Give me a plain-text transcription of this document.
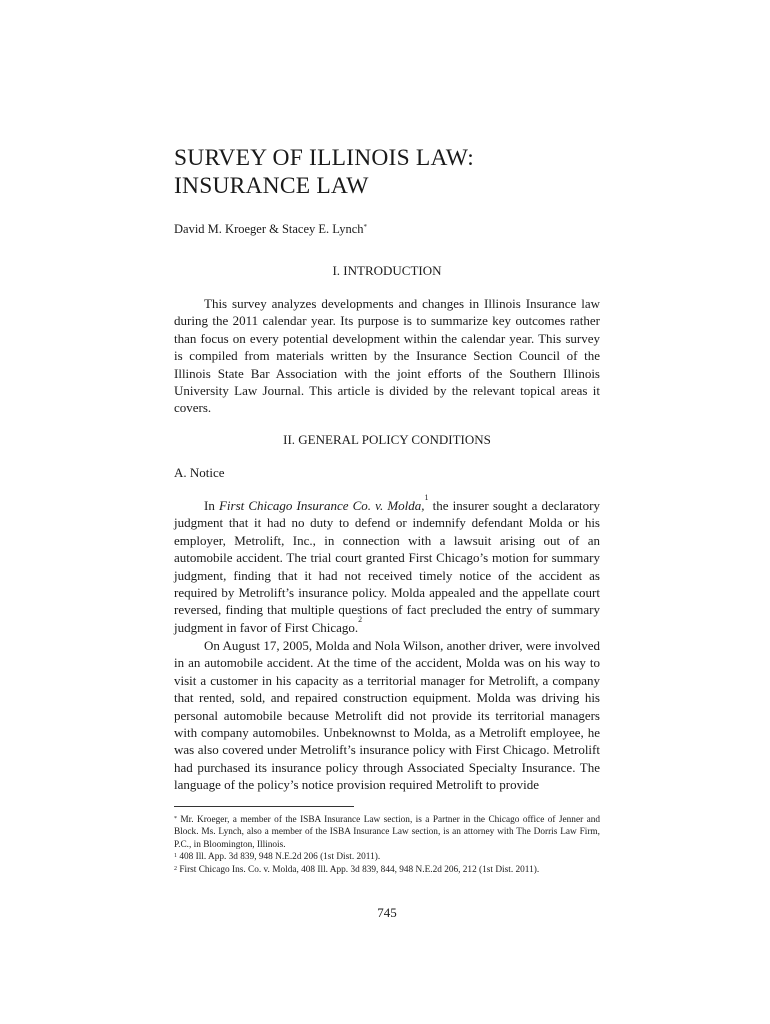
SURVEY OF ILLINOIS LAW: INSURANCE LAW
David M. Kroeger & Stacey E. Lynch*
I. INTRODUCTION

This survey analyzes developments and changes in Illinois Insurance law during the 2011 calendar year. Its purpose is to summarize key outcomes rather than focus on every potential development within the calendar year. This survey is compiled from materials written by the Insurance Section Council of the Illinois State Bar Association with the joint efforts of the Southern Illinois University Law Journal. This article is divided by the relevant topical areas it covers.

II. GENERAL POLICY CONDITIONS
A. Notice

In First Chicago Insurance Co. v. Molda,$^1$ the insurer sought a declaratory judgment that it had no duty to defend or indemnify defendant Molda or his employer, Metrolift, Inc., in connection with a lawsuit arising out of an automobile accident. The trial court granted First Chicago’s motion for summary judgment, finding that it had not received timely notice of the accident as required by Metrolift’s insurance policy. Molda appealed and the appellate court reversed, finding that multiple questions of fact precluded the entry of summary judgment in favor of First Chicago.$^2$

On August 17, 2005, Molda and Nola Wilson, another driver, were involved in an automobile accident. At the time of the accident, Molda was on his way to visit a customer in his capacity as a territorial manager for Metrolift, a company that rented, sold, and repaired construction equipment. Molda was driving his personal automobile because Metrolift did not provide its territorial managers with company automobiles. Unbeknownst to Molda, as a Metrolift employee, he was also covered under Metrolift’s insurance policy with First Chicago. Metrolift had purchased its insurance policy through Associated Specialty Insurance. The language of the policy’s notice provision required Metrolift to provide

* Mr. Kroeger, a member of the ISBA Insurance Law section, is a Partner in the Chicago office of Jenner and Block. Ms. Lynch, also a member of the ISBA Insurance Law section, is an attorney with The Dorris Law Firm, P.C., in Bloomington, Illinois.

$^1$ 408 Ill. App. 3d 839, 948 N.E.2d 206 (1st Dist. 2011).

$^2$ First Chicago Ins. Co. v. Molda, 408 Ill. App. 3d 839, 844, 948 N.E.2d 206, 212 (1st Dist. 2011).

745
